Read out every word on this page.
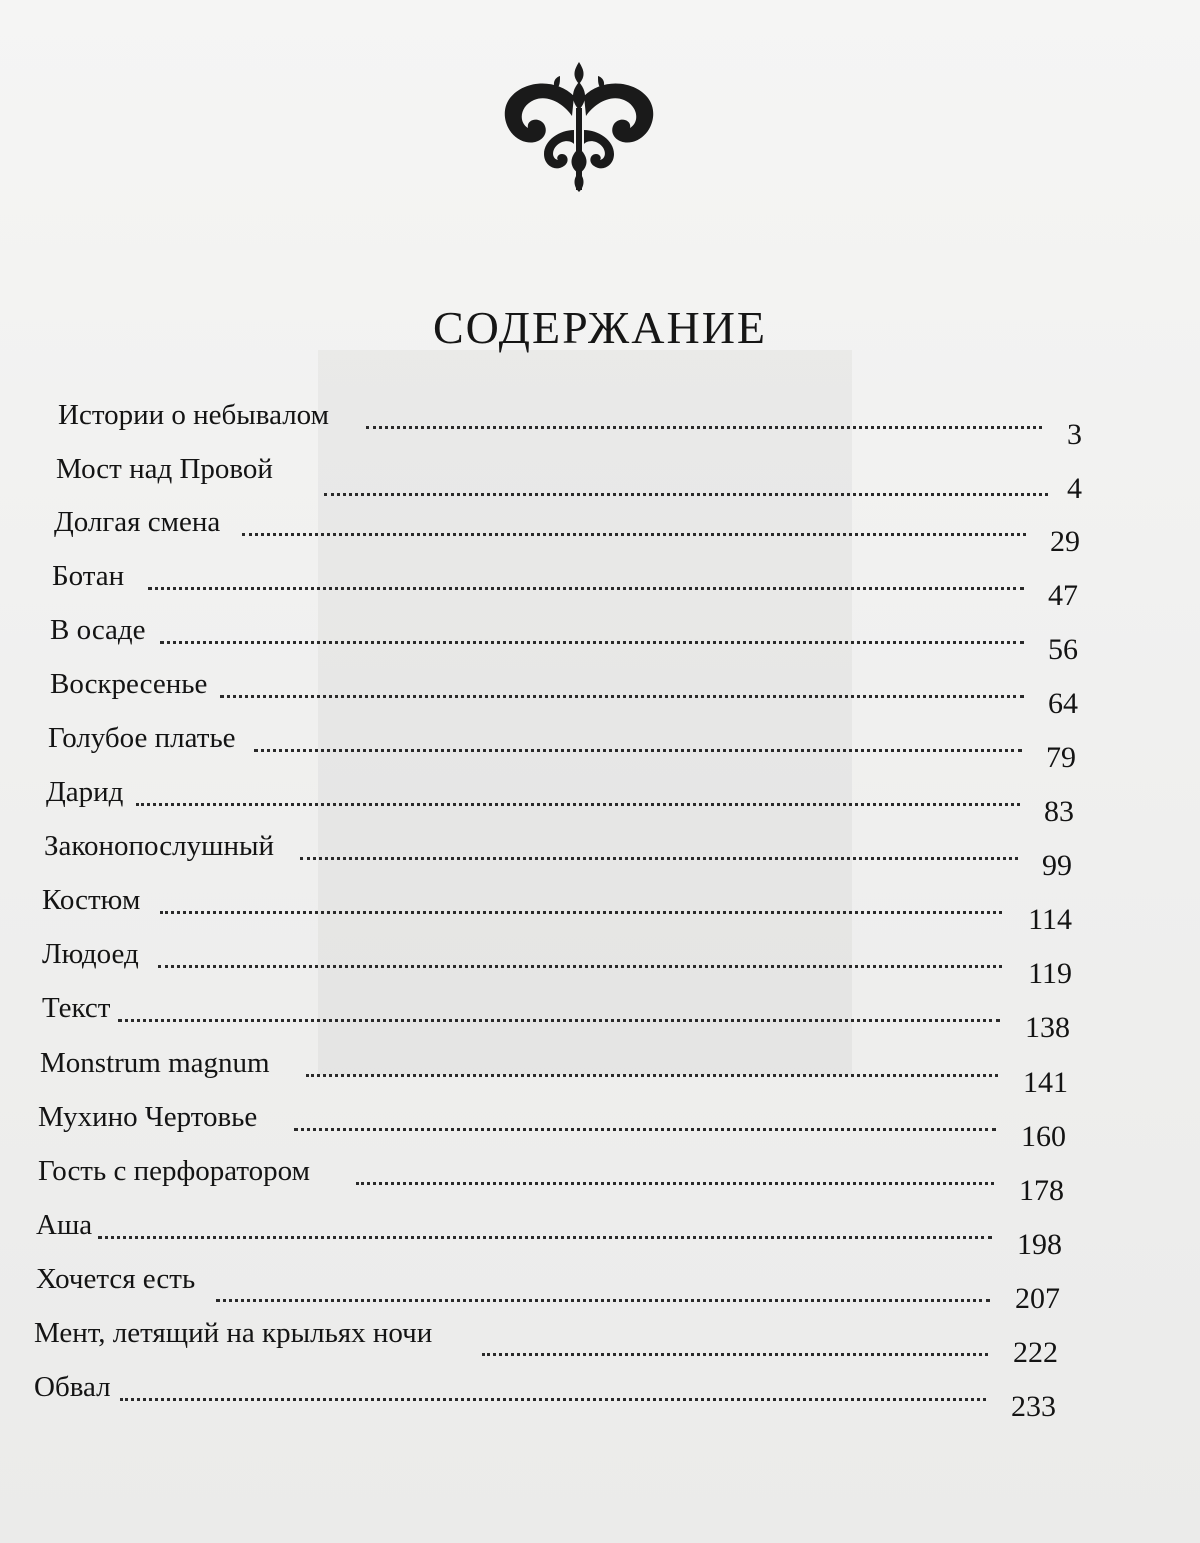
СОДЕРЖАНИЕ
Истории о небывалом
3
Мост над Провой
4
Долгая смена
29
Ботан
47
В осаде
56
Воскресенье
64
Голубое платье
79
Дарид
83
Законопослушный
99
Костюм
114
Людоед
119
Текст
138
Monstrum magnum
141
Мухино Чертовье
160
Гость с перфоратором
178
Аша
198
Хочется есть
207
Мент, летящий на крыльях ночи
222
Обвал
233
